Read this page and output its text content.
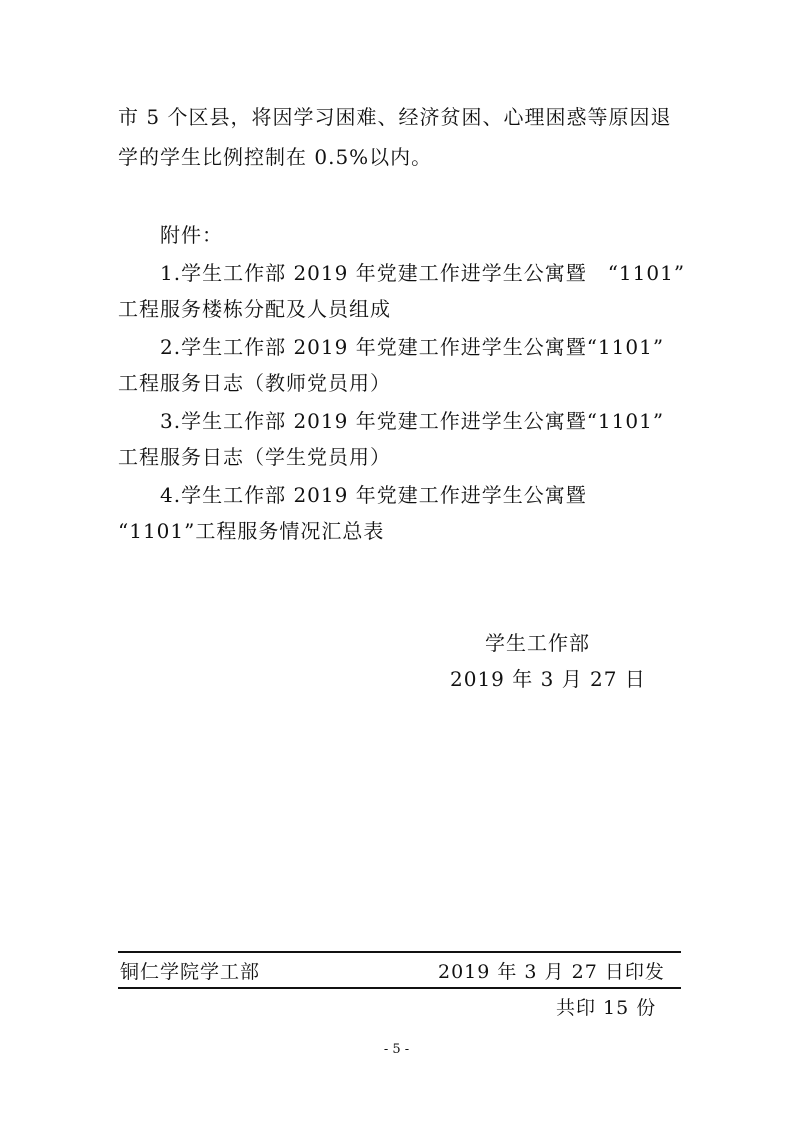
市 5 个区县，将因学习困难、经济贫困、心理困惑等原因退
学的学生比例控制在 0.5%以内。
附件：
1.学生工作部 2019 年党建工作进学生公寓暨　“1101”
工程服务楼栋分配及人员组成
2.学生工作部 2019 年党建工作进学生公寓暨“1101”
工程服务日志（教师党员用）
3.学生工作部 2019 年党建工作进学生公寓暨“1101”
工程服务日志（学生党员用）
4.学生工作部 2019 年党建工作进学生公寓暨
“1101”工程服务情况汇总表
学生工作部
2019 年 3 月 27 日
铜仁学院学工部	2019 年 3 月 27 日印发
共印 15 份
- 5 -
